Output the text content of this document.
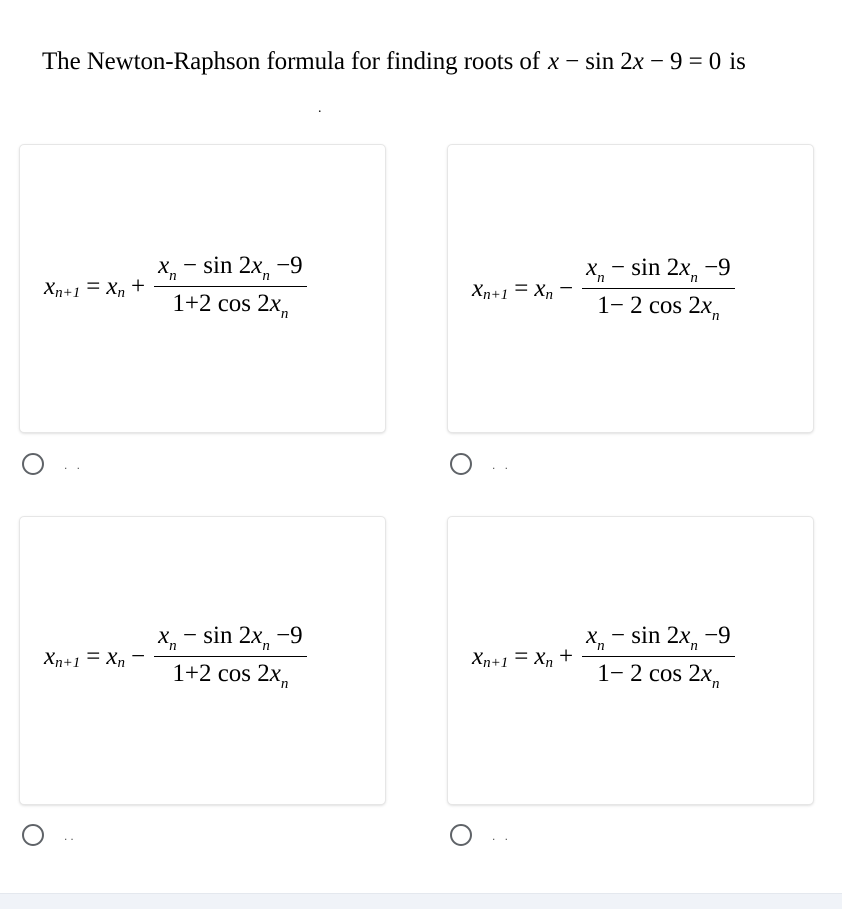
The Newton-Raphson formula for finding roots of x − sin 2x − 9 = 0 is
.
x n+1 = x $n + \frac{x_n - \sin 2x_n -9}{1+2 \cos 2x_n}$
. .
x n+1 = x $n - \frac{x_n - \sin 2x_n -9}{1- 2 \cos 2x_n}$
. .
x n+1 = x $n - \frac{x_n - \sin 2x_n -9}{1+2 \cos 2x_n}$
..
x n+1 = x $n + \frac{x_n - \sin 2x_n -9}{1- 2 \cos 2x_n}$
. .
